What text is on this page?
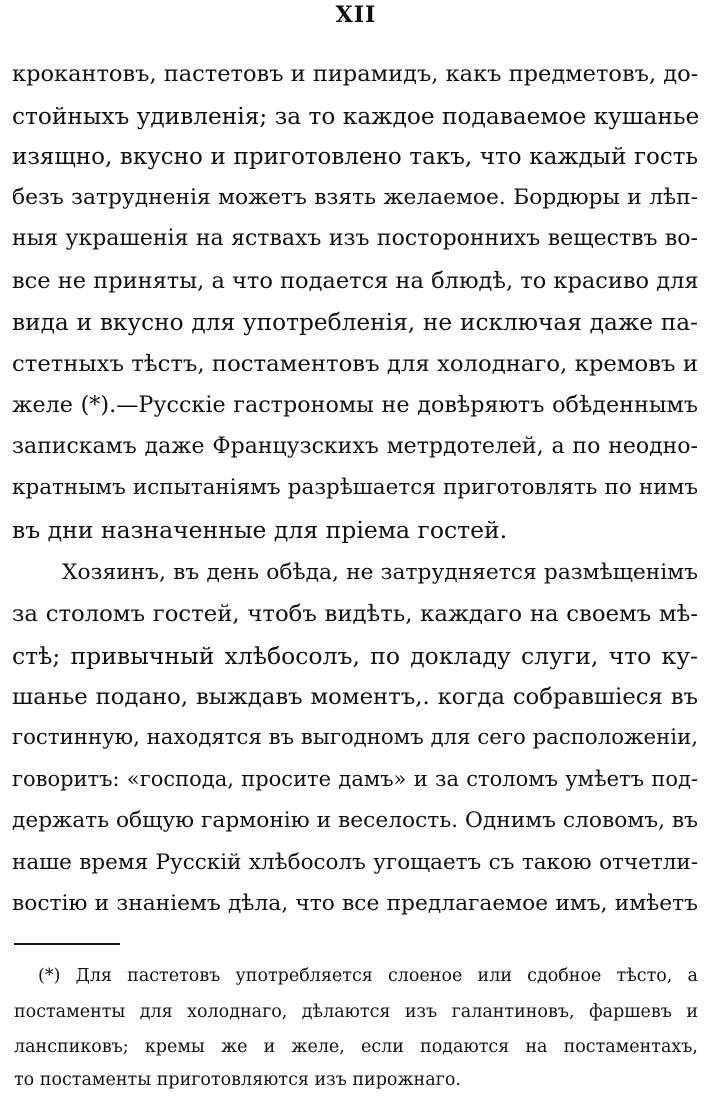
XII
крокантовъ, пастетовъ и пирамидъ, какъ предметовъ, до-
стойныхъ удивленія; за то каждое подаваемое кушанье
изящно, вкусно и приготовлено такъ, что каждый гость
безъ затрудненія можетъ взять желаемое. Бордюры и лѣп-
ныя украшенія на яствахъ изъ постороннихъ веществъ во-
все не приняты, а что подается на блюдѣ, то красиво для
вида и вкусно для употребленія, не исключая даже па-
стетныхъ тѣстъ, постаментовъ для холоднаго, кремовъ и
желе (*).—Русскіе гастрономы не довѣряютъ обѣденнымъ
запискамъ даже Французскихъ метрдотелей, а по неодно-
кратнымъ испытаніямъ разрѣшается приготовлять по нимъ
въ дни назначенные для пріема гостей.
Хозяинъ, въ день обѣда, не затрудняется размѣщенімъ
за столомъ гостей, чтобъ видѣть, каждаго на своемъ мѣ-
стѣ; привычный хлѣбосолъ, по докладу слуги, что ку-
шанье подано, выждавъ моментъ,. когда собравшіеся въ
гостинную, находятся въ выгодномъ для сего расположеніи,
говоритъ: «господа, просите дамъ» и за столомъ умѣетъ под-
держать общую гармонію и веселость. Однимъ словомъ, въ
наше время Русскій хлѣбосолъ угощаетъ съ такою отчетли-
востію и знаніемъ дѣла, что все предлагаемое имъ, имѣетъ
(*) Для пастетовъ употребляется слоеное или сдобное тѣсто, а
постаменты для холоднаго, дѣлаются изъ галантиновъ, фаршевъ и
ланспиковъ; кремы же и желе, если подаются на постаментахъ,
то постаменты приготовляются изъ пирожнаго.
